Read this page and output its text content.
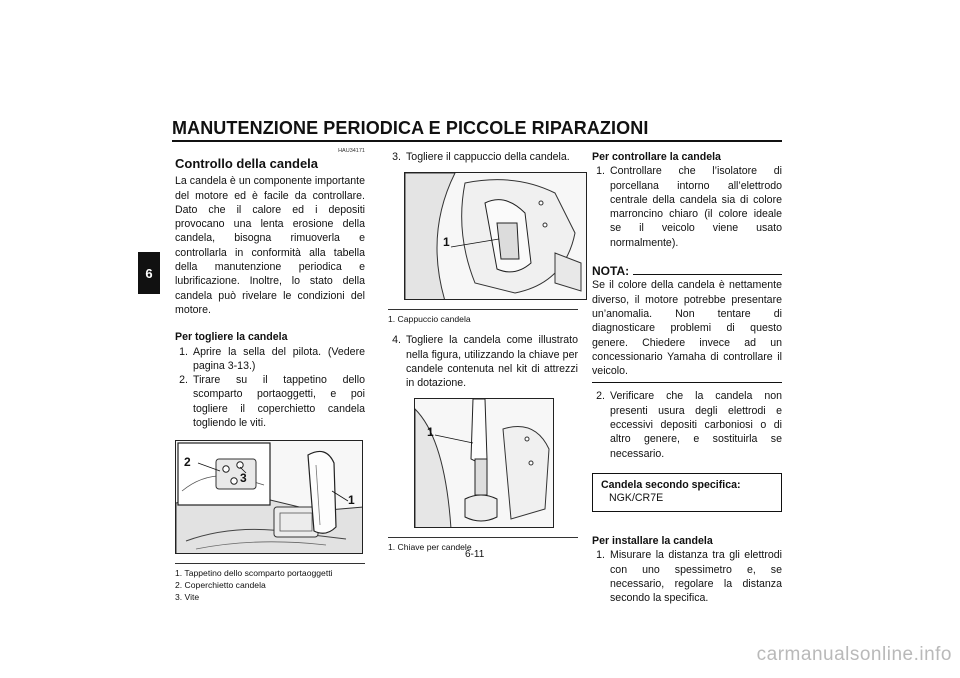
MANUTENZIONE PERIODICA E PICCOLE RIPARAZIONI
6
HAU34171
Controllo della candela

La candela è un componente importante del motore ed è facile da controllare. Dato che il calore ed i depositi provocano una lenta erosione della candela, bisogna rimuoverla e controllarla in conformità alla tabella della manutenzione periodica e lubrificazione. Inoltre, lo stato della candela può rivelare le condizioni del motore.

Per togliere la candela
1. Aprire la sella del pilota. (Vedere pagina 3-13.)
2. Tirare su il tappetino dello scomparto portaoggetti, e poi togliere il coperchietto candela togliendo le viti.
2
3
1
1. Tappetino dello scomparto portaoggetti
2. Coperchietto candela
3. Vite
3. Togliere il cappuccio della candela.
1
1. Cappuccio candela
4. Togliere la candela come illustrato nella figura, utilizzando la chiave per candele contenuta nel kit di attrezzi in dotazione.
1
1. Chiave per candele
Per controllare la candela
1. Controllare che l’isolatore di porcellana intorno all’elettrodo centrale della candela sia di colore marroncino chiaro (il colore ideale se il veicolo viene usato normalmente).
NOTA:

Se il colore della candela è nettamente diverso, il motore potrebbe presentare un’anomalia. Non tentare di diagnosticare problemi di questo genere. Chiedere invece ad un concessionario Yamaha di controllare il veicolo.

2. Verificare che la candela non presenti usura degli elettrodi e eccessivi depositi carboniosi o di altro genere, e sostituirla se necessario.
Candela secondo specifica:
NGK/CR7E
Per installare la candela
1. Misurare la distanza tra gli elettrodi con uno spessimetro e, se necessario, regolare la distanza secondo la specifica.
6-11
carmanualsonline.info
